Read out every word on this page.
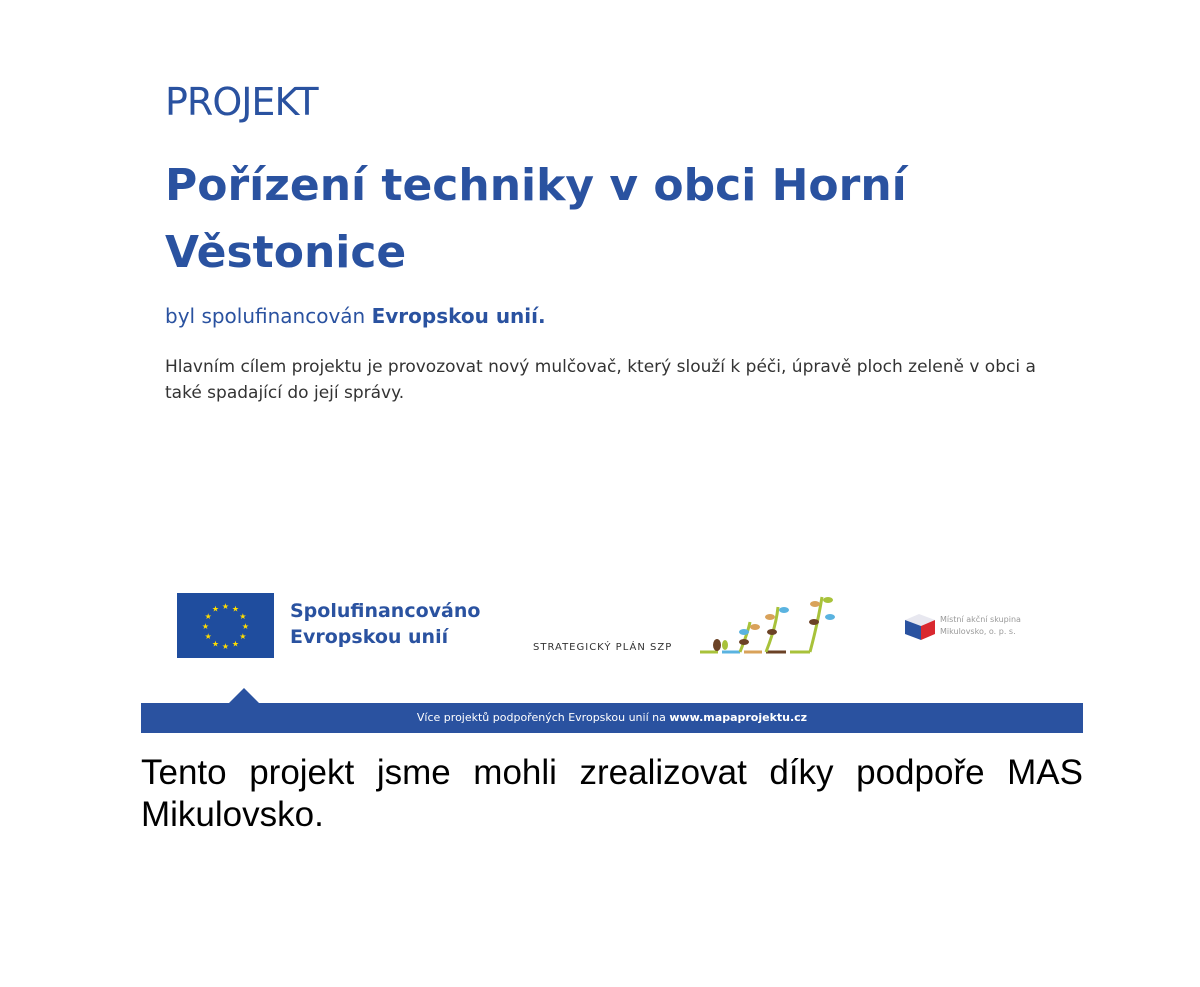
PROJEKT
Pořízení techniky v obci Horní Věstonice
byl spolufinancován Evropskou unií.
Hlavním cílem projektu je provozovat nový mulčovač, který slouží k péči, úpravě ploch zeleně v obci a také spadající do její správy.
★ ★
★
★
★
★
★
★
★
★
★
★	Spolufinancováno
Evropskou unií	STRATEGICKÝ PLÁN SZP
Místní akční skupina
Mikulovsko, o. p. s.
Více projektů podpořených Evropskou unií na www.mapaprojektu.cz
Tento projekt jsme mohli zrealizovat díky podpoře MAS Mikulovsko.
